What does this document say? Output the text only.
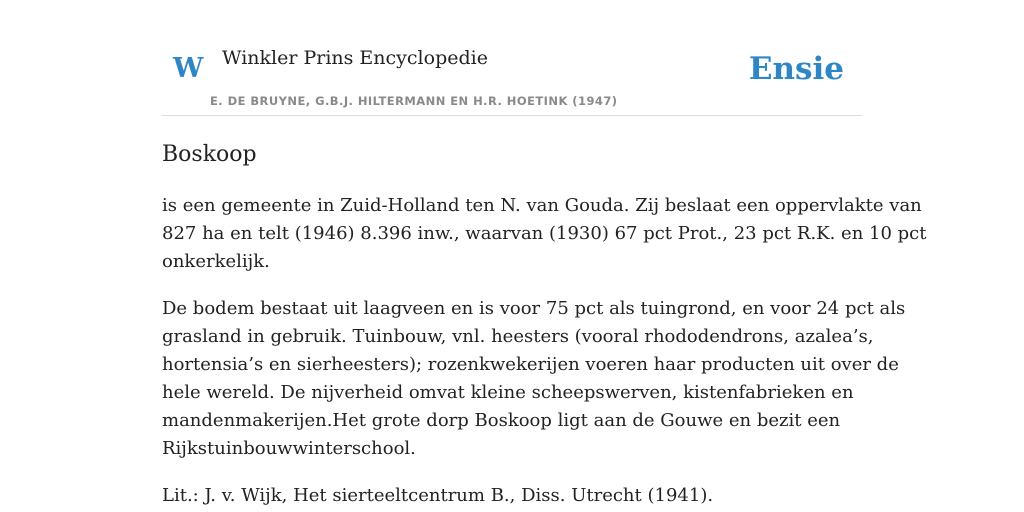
W Winkler Prins Encyclopedie
E. DE BRUYNE, G.B.J. HILTERMANN EN H.R. HOETINK (1947)
Ensie
Boskoop

is een gemeente in Zuid-Holland ten N. van Gouda. Zij beslaat een oppervlakte van

827 ha en telt (1946) 8.396 inw., waarvan (1930) 67 pct Prot., 23 pct R.K. en 10 pct

onkerkelijk.

De bodem bestaat uit laagveen en is voor 75 pct als tuingrond, en voor 24 pct als

grasland in gebruik. Tuinbouw, vnl. heesters (vooral rhododendrons, azalea’s,

hortensia’s en sierheesters); rozenkwekerijen voeren haar producten uit over de

hele wereld. De nijverheid omvat kleine scheepswerven, kistenfabrieken en

mandenmakerijen.Het grote dorp Boskoop ligt aan de Gouwe en bezit een

Rijkstuinbouwwinterschool.

Lit.: J. v. Wijk, Het sierteeltcentrum B., Diss. Utrecht (1941).
